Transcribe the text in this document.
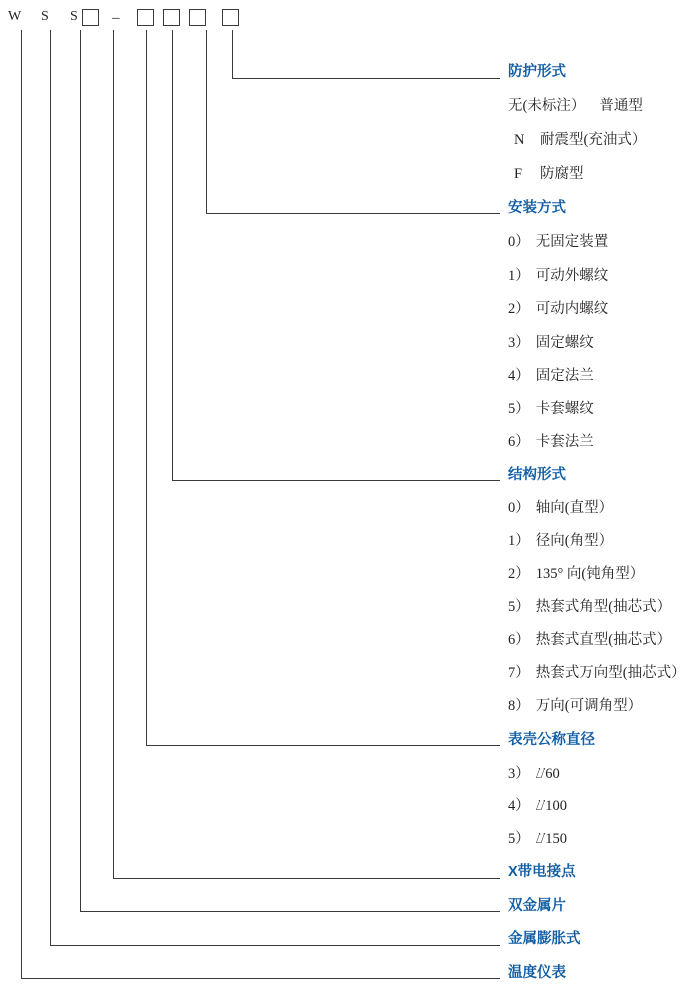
W S S –
防护形式
无(未标注） 普通型
N 耐震型(充油式）
F 防腐型
安装方式
0） 无固定装置
1） 可动外螺纹
2） 可动内螺纹
3） 固定螺纹
4） 固定法兰
5） 卡套螺纹
6） 卡套法兰
结构形式
0） 轴向(直型）
1） 径向(角型）
2） 135° 向(钝角型）
5） 热套式角型(抽芯式）
6） 热套式直型(抽芯式）
7） 热套式万向型(抽芯式）
8） 万向(可调角型）
表壳公称直径
3） ⌰60
4） ⌰100
5） ⌰150
X带电接点
双金属片
金属膨胀式
温度仪表
